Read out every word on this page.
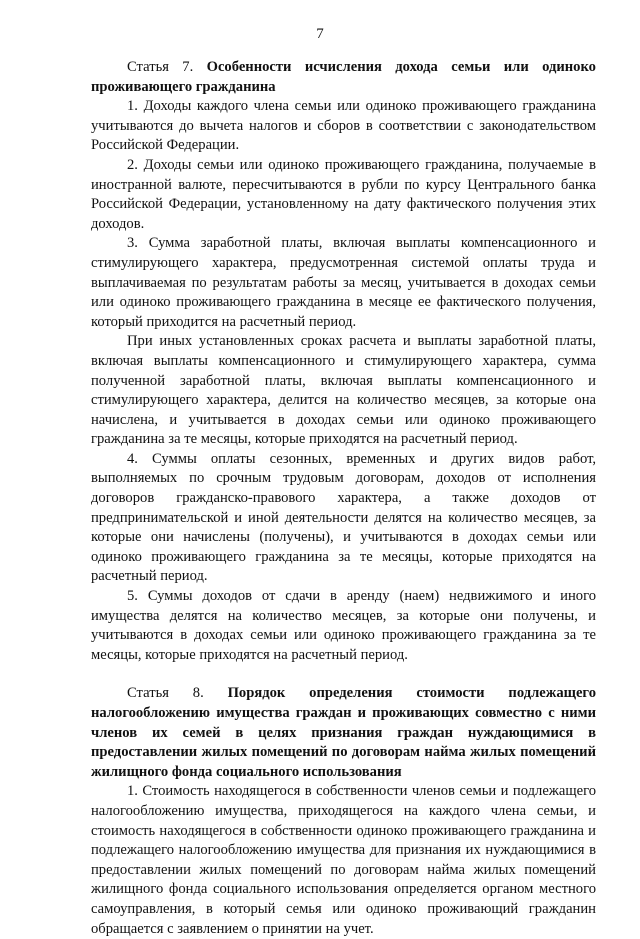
7

Статья 7. Особенности исчисления дохода семьи или одиноко проживающего гражданина

1. Доходы каждого члена семьи или одиноко проживающего гражданина учитываются до вычета налогов и сборов в соответствии с законодательством Российской Федерации.

2. Доходы семьи или одиноко проживающего гражданина, получаемые в иностранной валюте, пересчитываются в рубли по курсу Центрального банка Российской Федерации, установленному на дату фактического получения этих доходов.

3. Сумма заработной платы, включая выплаты компенсационного и стимулирующего характера, предусмотренная системой оплаты труда и выплачиваемая по результатам работы за месяц, учитывается в доходах семьи или одиноко проживающего гражданина в месяце ее фактического получения, который приходится на расчетный период.

При иных установленных сроках расчета и выплаты заработной платы, включая выплаты компенсационного и стимулирующего характера, сумма полученной заработной платы, включая выплаты компенсационного и стимулирующего характера, делится на количество месяцев, за которые она начислена, и учитывается в доходах семьи или одиноко проживающего гражданина за те месяцы, которые приходятся на расчетный период.

4. Суммы оплаты сезонных, временных и других видов работ, выполняемых по срочным трудовым договорам, доходов от исполнения договоров гражданско-правового характера, а также доходов от предпринимательской и иной деятельности делятся на количество месяцев, за которые они начислены (получены), и учитываются в доходах семьи или одиноко проживающего гражданина за те месяцы, которые приходятся на расчетный период.

5. Суммы доходов от сдачи в аренду (наем) недвижимого и иного имущества делятся на количество месяцев, за которые они получены, и учитываются в доходах семьи или одиноко проживающего гражданина за те месяцы, которые приходятся на расчетный период.

Статья 8. Порядок определения стоимости подлежащего налогообложению имущества граждан и проживающих совместно с ними членов их семей в целях признания граждан нуждающимися в предоставлении жилых помещений по договорам найма жилых помещений жилищного фонда социального использования

1. Стоимость находящегося в собственности членов семьи и подлежащего налогообложению имущества, приходящегося на каждого члена семьи, и стоимость находящегося в собственности одиноко проживающего гражданина и подлежащего налогообложению имущества для признания их нуждающимися в предоставлении жилых помещений по договорам найма жилых помещений жилищного фонда социального использования определяется органом местного самоуправления, в который семья или одиноко проживающий гражданин обращается с заявлением о принятии на учет.
